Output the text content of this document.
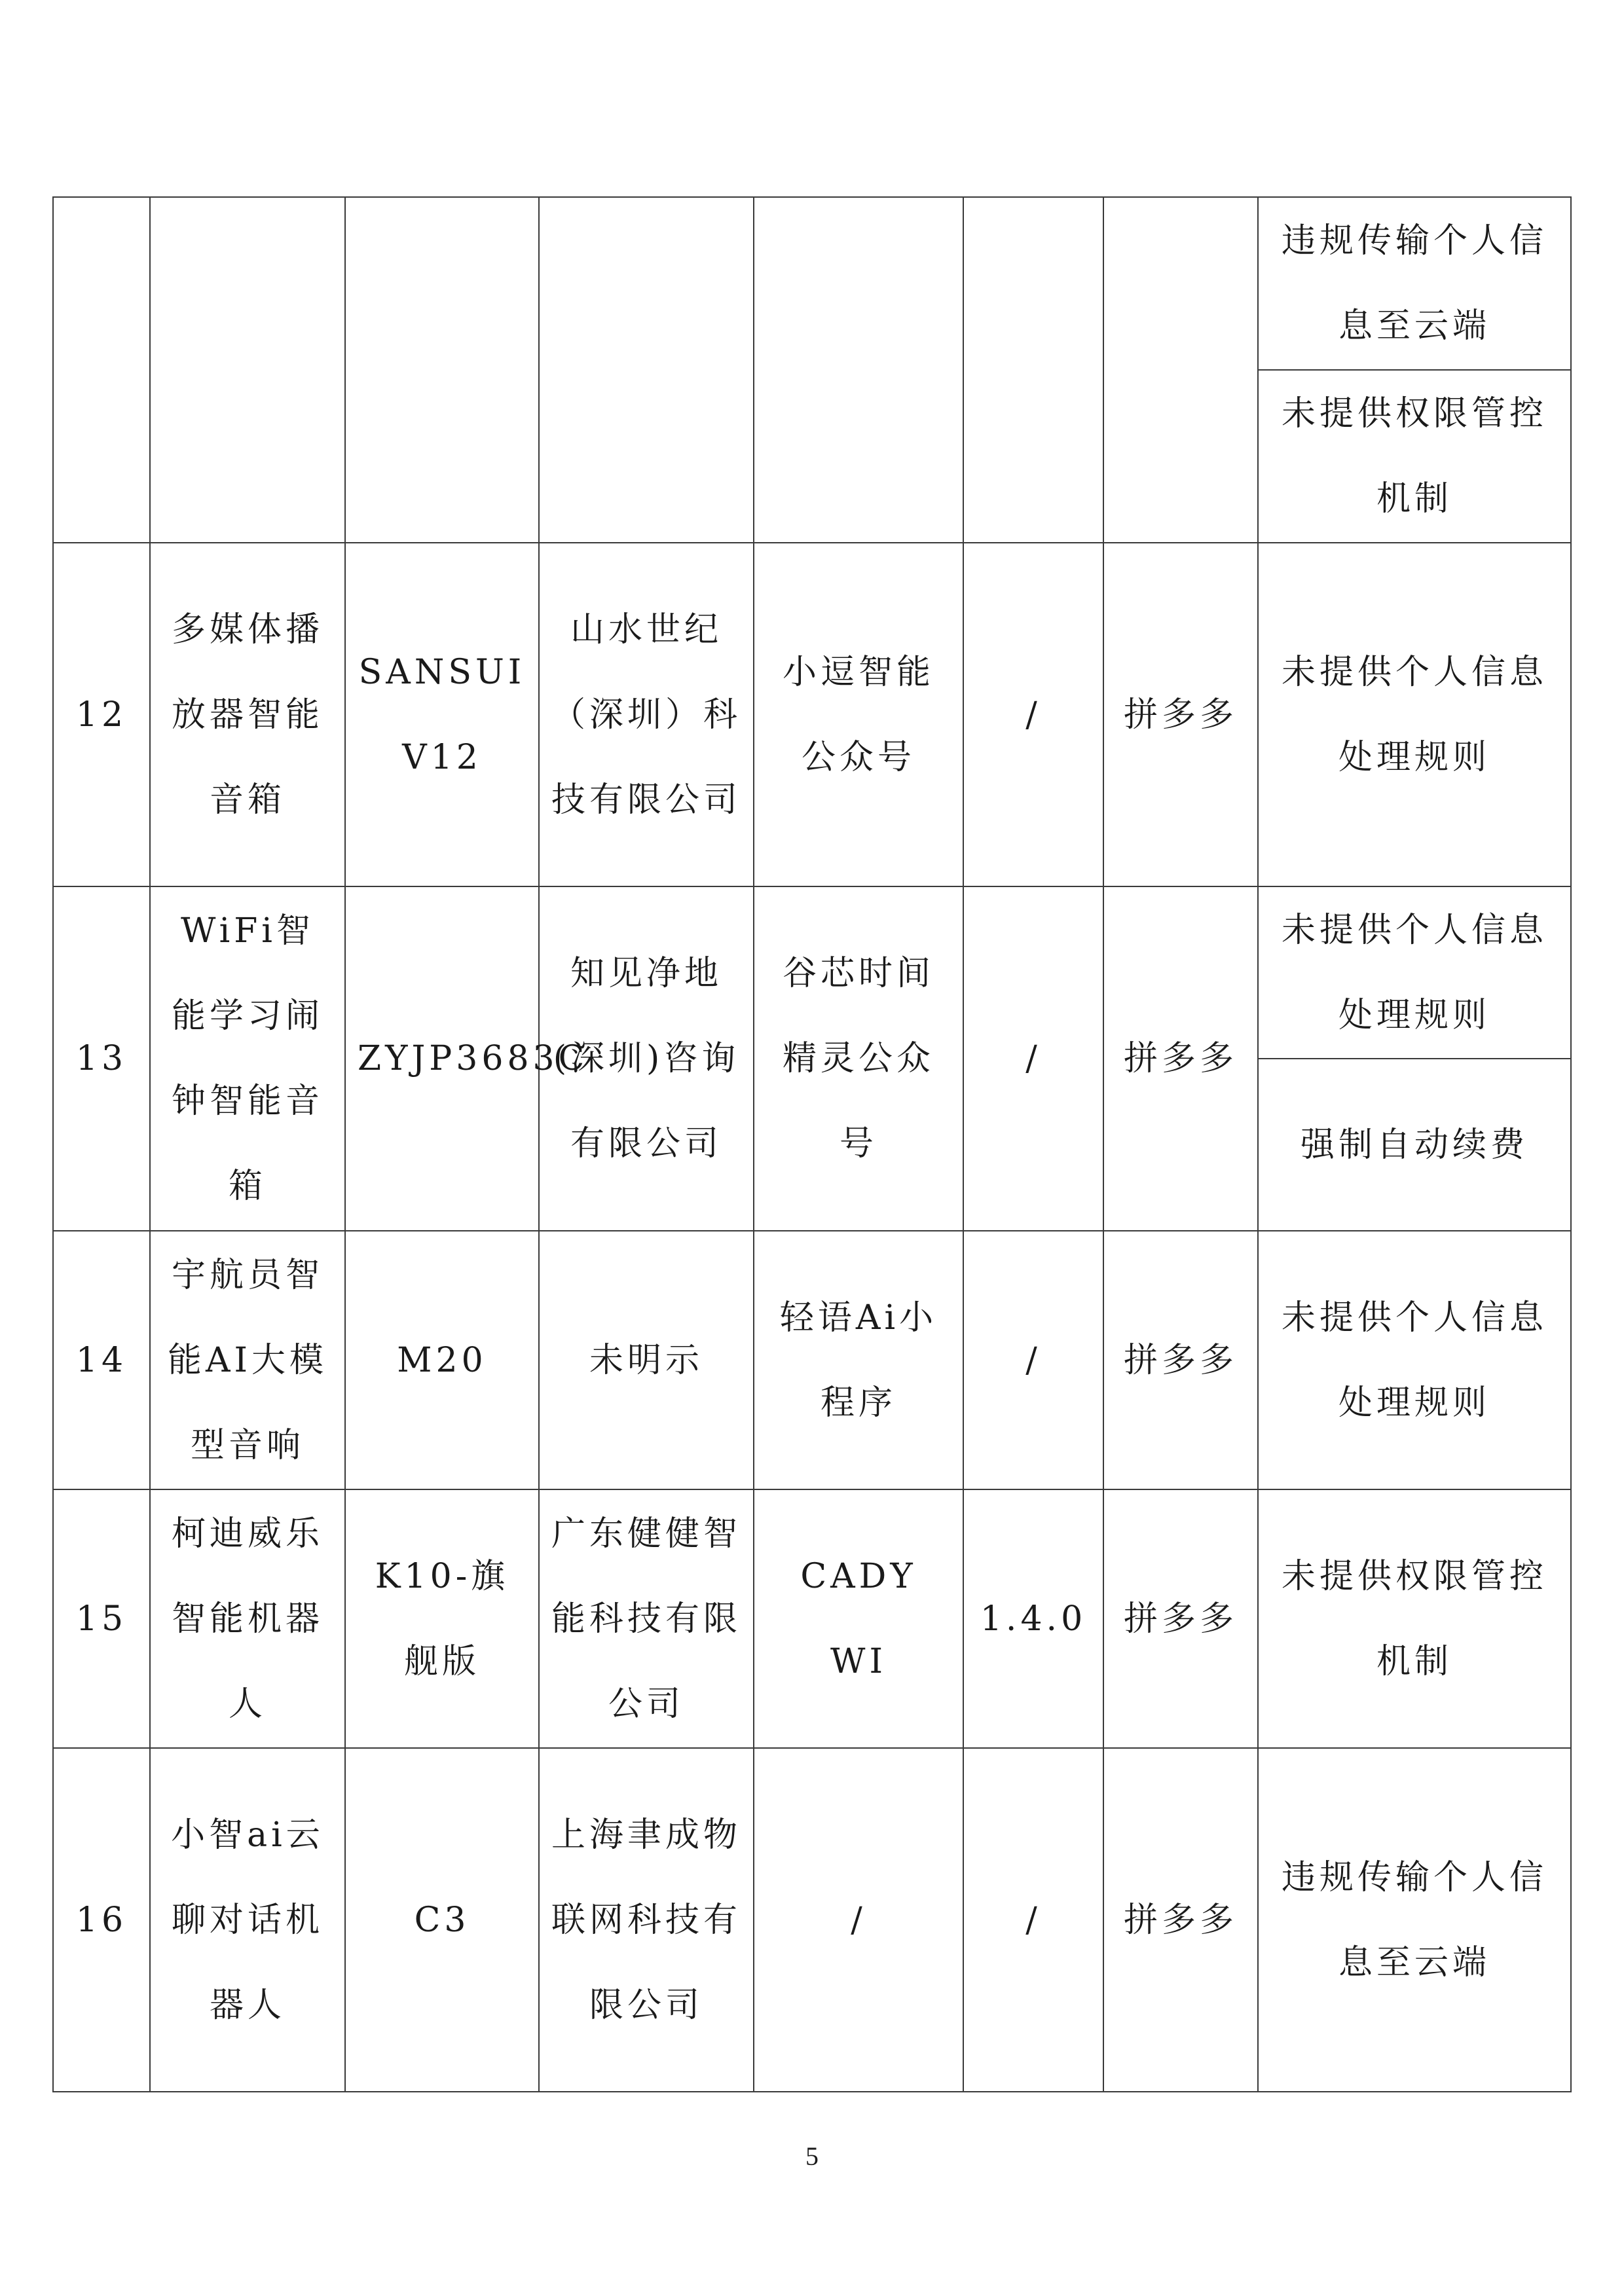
							违规传输个人信息至云端
							未提供权限管控机制
12	多媒体播放器智能音箱	SANSUI V12	山水世纪（深圳）科技有限公司	小逗智能公众号	/	拼多多	未提供个人信息处理规则
13	WiFi智能学习闹钟智能音箱	ZYJP3683C	知见净地(深圳)咨询有限公司	谷芯时间精灵公众号	/	拼多多	未提供个人信息处理规则
							强制自动续费
14	宇航员智能AI大模型音响	M20	未明示	轻语Ai小程序	/	拼多多	未提供个人信息处理规则
15	柯迪威乐智能机器人	K10-旗舰版	广东健健智能科技有限公司	CADY WI	1.4.0	拼多多	未提供权限管控机制
16	小智ai云聊对话机器人	C3	上海聿成物联网科技有限公司	/	/	拼多多	违规传输个人信息至云端
5
